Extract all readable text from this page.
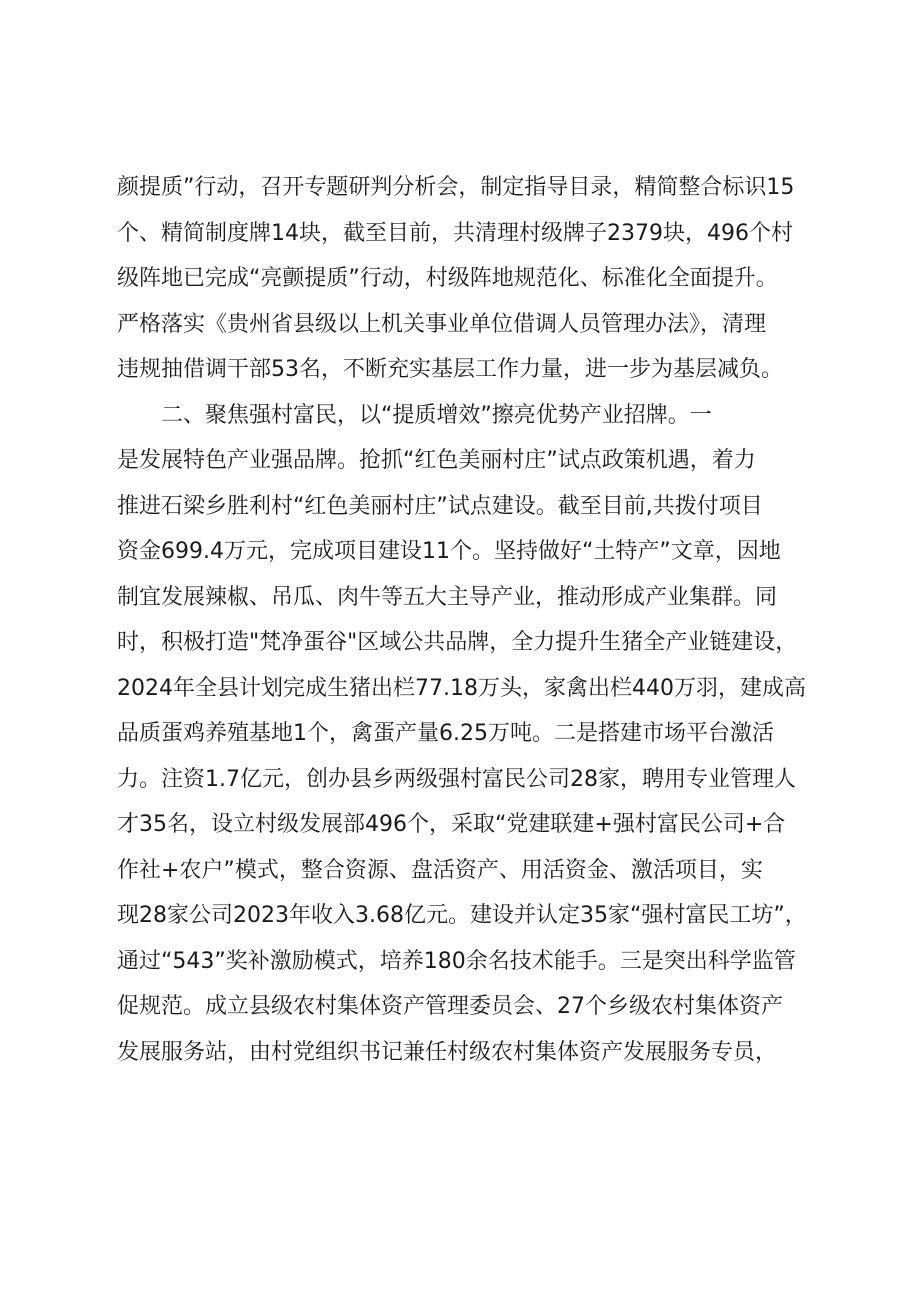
颜提质”行动，召开专题研判分析会，制定指导目录，精简整合标识15
个、精简制度牌14块，截至目前，共清理村级牌子2379块，496个村
级阵地已完成“亮颤提质”行动，村级阵地规范化、标准化全面提升。
严格落实《贵州省县级以上机关事业单位借调人员管理办法》，清理
违规抽借调干部53名，不断充实基层工作力量，进一步为基层减负。
二、聚焦强村富民，以“提质增效”擦亮优势产业招牌。一
是发展特色产业强品牌。抢抓“红色美丽村庄”试点政策机遇，着力
推进石梁乡胜利村“红色美丽村庄”试点建设。截至目前,共拨付项目
资金699.4万元，完成项目建设11个。坚持做好“土特产”文章，因地
制宜发展辣椒、吊瓜、肉牛等五大主导产业，推动形成产业集群。同
时，积极打造"梵净蛋谷"区域公共品牌，全力提升生猪全产业链建设，
2024年全县计划完成生猪出栏77.18万头，家禽出栏440万羽，建成高
品质蛋鸡养殖基地1个，禽蛋产量6.25万吨。二是搭建市场平台激活
力。注资1.7亿元，创办县乡两级强村富民公司28家，聘用专业管理人
才35名，设立村级发展部496个，采取“党建联建+强村富民公司+合
作社+农户”模式，整合资源、盘活资产、用活资金、激活项目，实
现28家公司2023年收入3.68亿元。建设并认定35家“强村富民工坊”，
通过“543”奖补激励模式，培养180余名技术能手。三是突出科学监管
促规范。成立县级农村集体资产管理委员会、27个乡级农村集体资产
发展服务站，由村党组织书记兼任村级农村集体资产发展服务专员，
